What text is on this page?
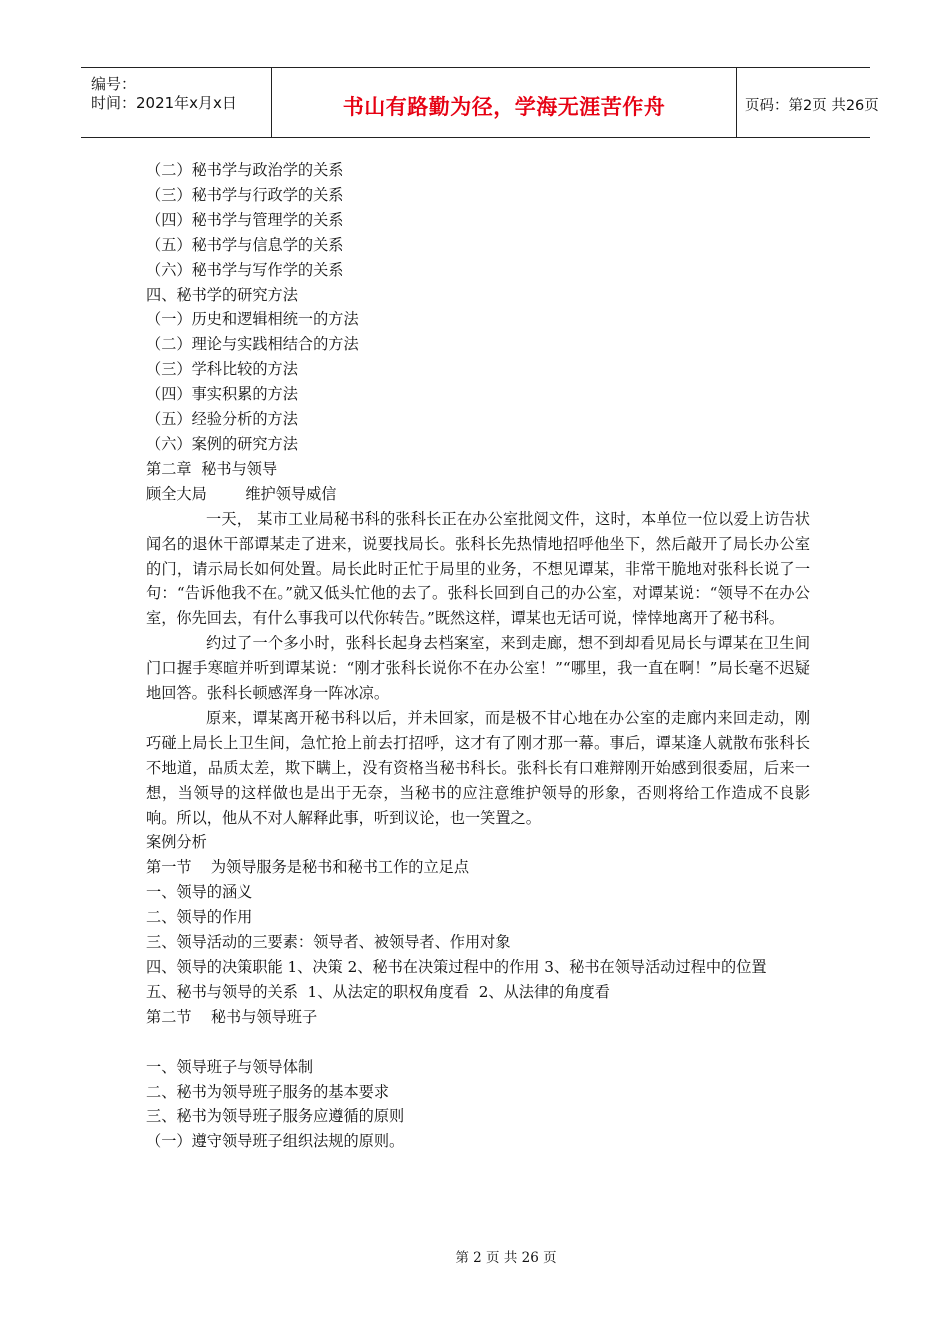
编号：
时间：2021年x月x日	书山有路勤为径，学海无涯苦作舟	页码：第2页 共26页

（二）秘书学与政治学的关系

（三）秘书学与行政学的关系

（四）秘书学与管理学的关系

（五）秘书学与信息学的关系

（六）秘书学与写作学的关系

四、秘书学的研究方法

（一）历史和逻辑相统一的方法

（二）理论与实践相结合的方法

（三）学科比较的方法

（四）事实积累的方法

（五）经验分析的方法

（六）案例的研究方法

第二章  秘书与领导

顾全大局        维护领导威信

一天， 某市工业局秘书科的张科长正在办公室批阅文件，这时，本单位一位以爱上访告状闻名的退休干部谭某走了进来，说要找局长。张科长先热情地招呼他坐下，然后敲开了局长办公室的门，请示局长如何处置。局长此时正忙于局里的业务，不想见谭某，非常干脆地对张科长说了一句：“告诉他我不在。”就又低头忙他的去了。张科长回到自己的办公室，对谭某说：“领导不在办公室，你先回去，有什么事我可以代你转告。”既然这样，谭某也无话可说，悻悻地离开了秘书科。

约过了一个多小时，张科长起身去档案室，来到走廊，想不到却看见局长与谭某在卫生间门口握手寒暄并听到谭某说：“刚才张科长说你不在办公室！”“哪里，我一直在啊！”局长毫不迟疑地回答。张科长顿感浑身一阵冰凉。

原来，谭某离开秘书科以后，并未回家，而是极不甘心地在办公室的走廊内来回走动，刚巧碰上局长上卫生间，急忙抢上前去打招呼，这才有了刚才那一幕。事后，谭某逢人就散布张科长不地道，品质太差，欺下瞒上，没有资格当秘书科长。张科长有口难辩刚开始感到很委屈，后来一想，当领导的这样做也是出于无奈，当秘书的应注意维护领导的形象，否则将给工作造成不良影响。所以，他从不对人解释此事，听到议论，也一笑置之。

案例分析

第一节    为领导服务是秘书和秘书工作的立足点

一、领导的涵义

二、领导的作用

三、领导活动的三要素：领导者、被领导者、作用对象

四、领导的决策职能 1、决策 2、秘书在决策过程中的作用 3、秘书在领导活动过程中的位置

五、秘书与领导的关系  1、从法定的职权角度看  2、从法律的角度看

第二节    秘书与领导班子

一、领导班子与领导体制

二、秘书为领导班子服务的基本要求

三、秘书为领导班子服务应遵循的原则

（一）遵守领导班子组织法规的原则。

第 2 页 共 26 页
